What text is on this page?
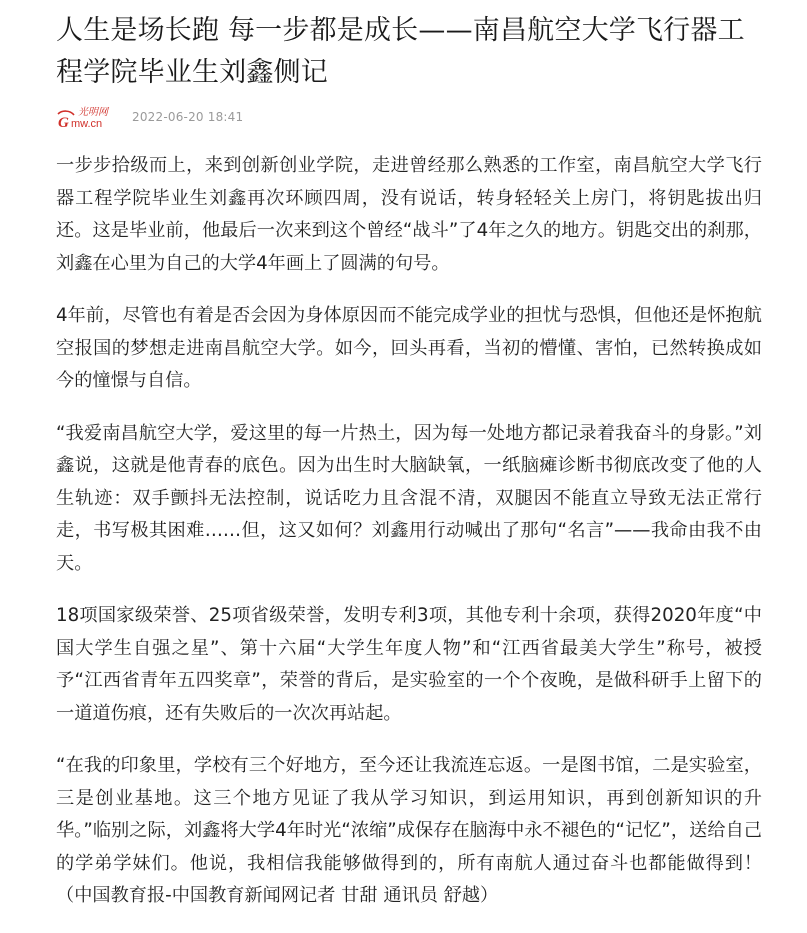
人生是场长跑 每一步都是成长——南昌航空大学飞行器工程学院毕业生刘鑫侧记
G
光明网
mw.cn 2022-06-20 18:41

一步步拾级而上，来到创新创业学院，走进曾经那么熟悉的工作室，南昌航空大学飞行器工程学院毕业生刘鑫再次环顾四周，没有说话，转身轻轻关上房门，将钥匙拔出归还。这是毕业前，他最后一次来到这个曾经“战斗”了4年之久的地方。钥匙交出的刹那，刘鑫在心里为自己的大学4年画上了圆满的句号。

4年前，尽管也有着是否会因为身体原因而不能完成学业的担忧与恐惧，但他还是怀抱航空报国的梦想走进南昌航空大学。如今，回头再看，当初的懵懂、害怕，已然转换成如今的憧憬与自信。

“我爱南昌航空大学，爱这里的每一片热土，因为每一处地方都记录着我奋斗的身影。”刘鑫说，这就是他青春的底色。因为出生时大脑缺氧，一纸脑瘫诊断书彻底改变了他的人生轨迹：双手颤抖无法控制，说话吃力且含混不清，双腿因不能直立导致无法正常行走，书写极其困难……但，这又如何？刘鑫用行动喊出了那句“名言”——我命由我不由天。

18项国家级荣誉、25项省级荣誉，发明专利3项，其他专利十余项，获得2020年度“中国大学生自强之星”、第十六届“大学生年度人物”和“江西省最美大学生”称号，被授予“江西省青年五四奖章”，荣誉的背后，是实验室的一个个夜晚，是做科研手上留下的一道道伤痕，还有失败后的一次次再站起。

“在我的印象里，学校有三个好地方，至今还让我流连忘返。一是图书馆，二是实验室，三是创业基地。这三个地方见证了我从学习知识，到运用知识，再到创新知识的升华。”临别之际，刘鑫将大学4年时光“浓缩”成保存在脑海中永不褪色的“记忆”，送给自己的学弟学妹们。他说，我相信我能够做得到的，所有南航人通过奋斗也都能做得到！（中国教育报-中国教育新闻网记者 甘甜 通讯员 舒越）
